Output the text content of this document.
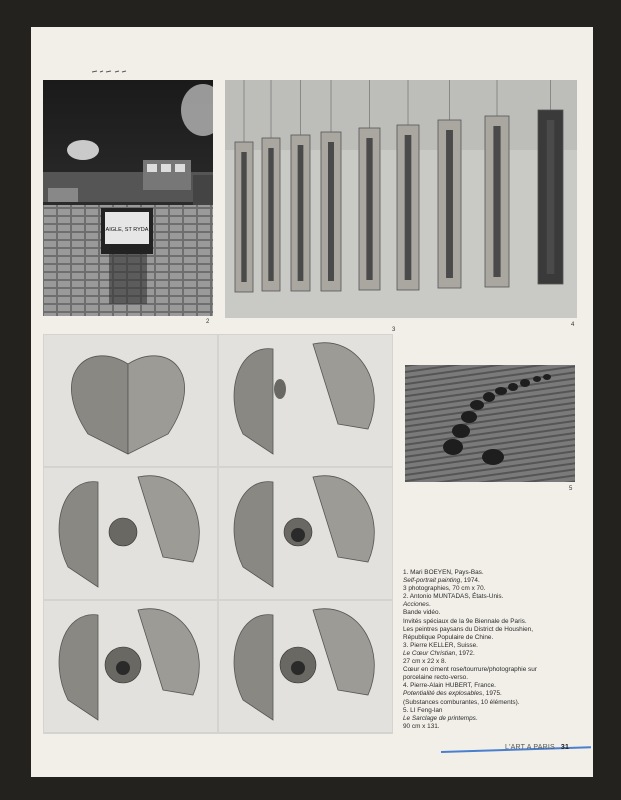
AIGLE, ST RYDA
2
3
4
5
1. Mari BOEYEN, Pays-Bas.
Self-portrait painting, 1974.
3 photographies, 70 cm x 70.
2. Antonio MUNTADAS, États-Unis.
Acciones.
Bande vidéo.
Invités spéciaux de la 9e Biennale de Paris.
Les peintres paysans du District de Houshien,
République Populaire de Chine.
3. Pierre KELLER, Suisse.
Le Cœur Christian, 1972.
27 cm x 22 x 8.
Cœur en ciment rose/tourrure/photographie sur
porcelaine recto-verso.
4. Pierre-Alain HUBERT, France.
Potentialité des explosables, 1975.
(Substances comburantes, 10 éléments).
5. LI Feng-lan
Le Sarclage de printemps.
90 cm x 131.
L'ART A PARIS 31
